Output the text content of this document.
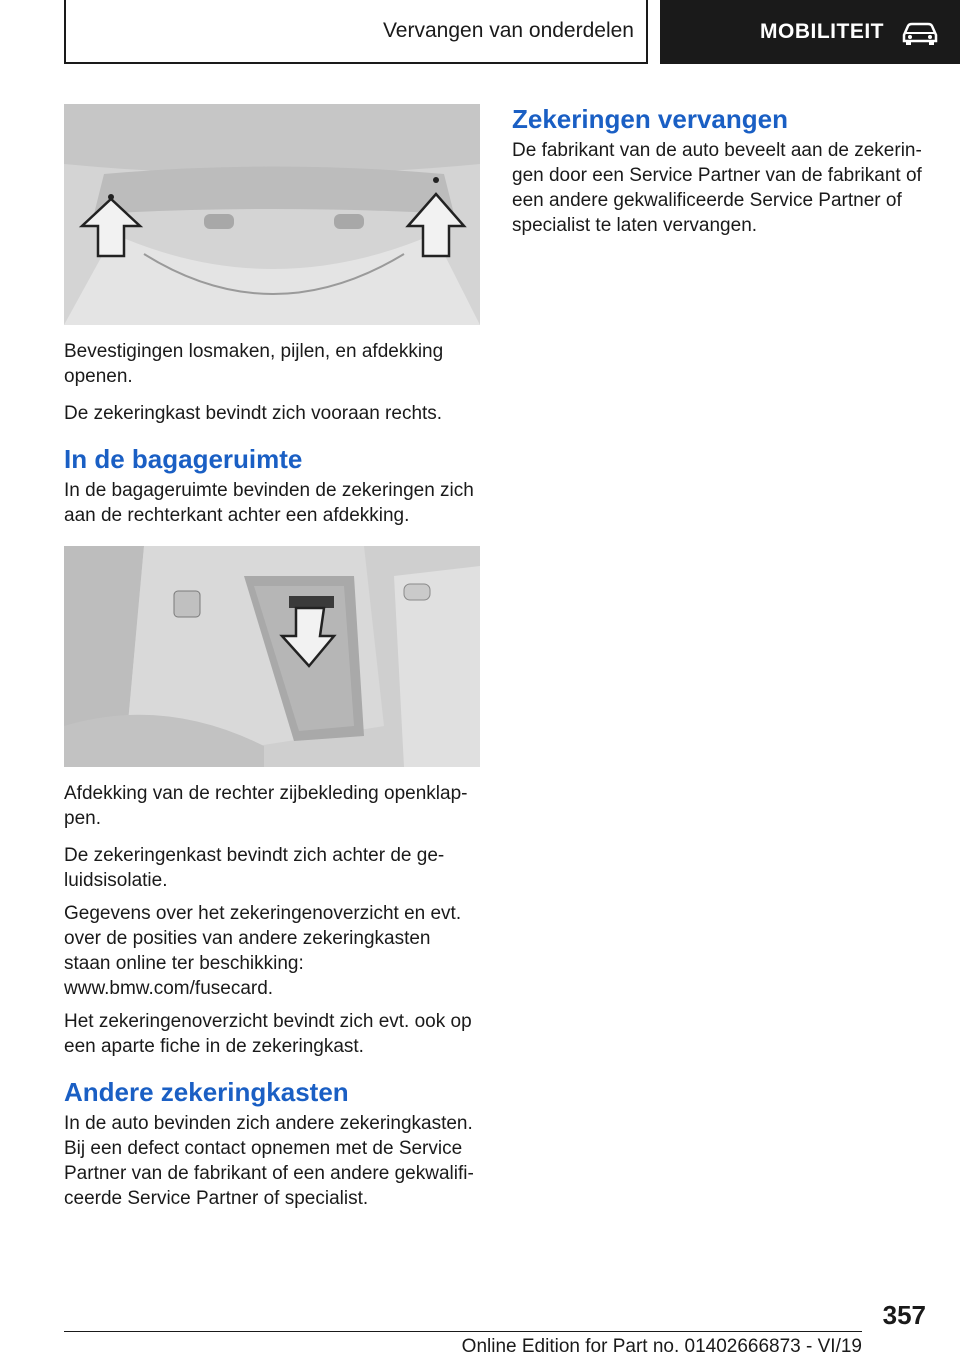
Vervangen van onderdelen	MOBILITEIT

Bevestigingen losmaken, pijlen, en afdekking openen.

De zekeringkast bevindt zich vooraan rechts.

In de bagageruimte

In de bagageruimte bevinden de zekeringen zich aan de rechterkant achter een afdekking.

Afdekking van de rechter zijbekleding openklap-pen.

De zekeringenkast bevindt zich achter de ge-luidsisolatie.

Gegevens over het zekeringenoverzicht en evt. over de posities van andere zekeringkasten staan online ter beschikking: www.bmw.com/fusecard.

Het zekeringenoverzicht bevindt zich evt. ook op een aparte fiche in de zekeringkast.

Andere zekeringkasten

In de auto bevinden zich andere zekeringkasten. Bij een defect contact opnemen met de Service Partner van de fabrikant of een andere gekwalifi-ceerde Service Partner of specialist.

Zekeringen vervangen

De fabrikant van de auto beveelt aan de zekerin-gen door een Service Partner van de fabrikant of een andere gekwalificeerde Service Partner of specialist te laten vervangen.

357
Online Edition for Part no. 01402666873 - VI/19
